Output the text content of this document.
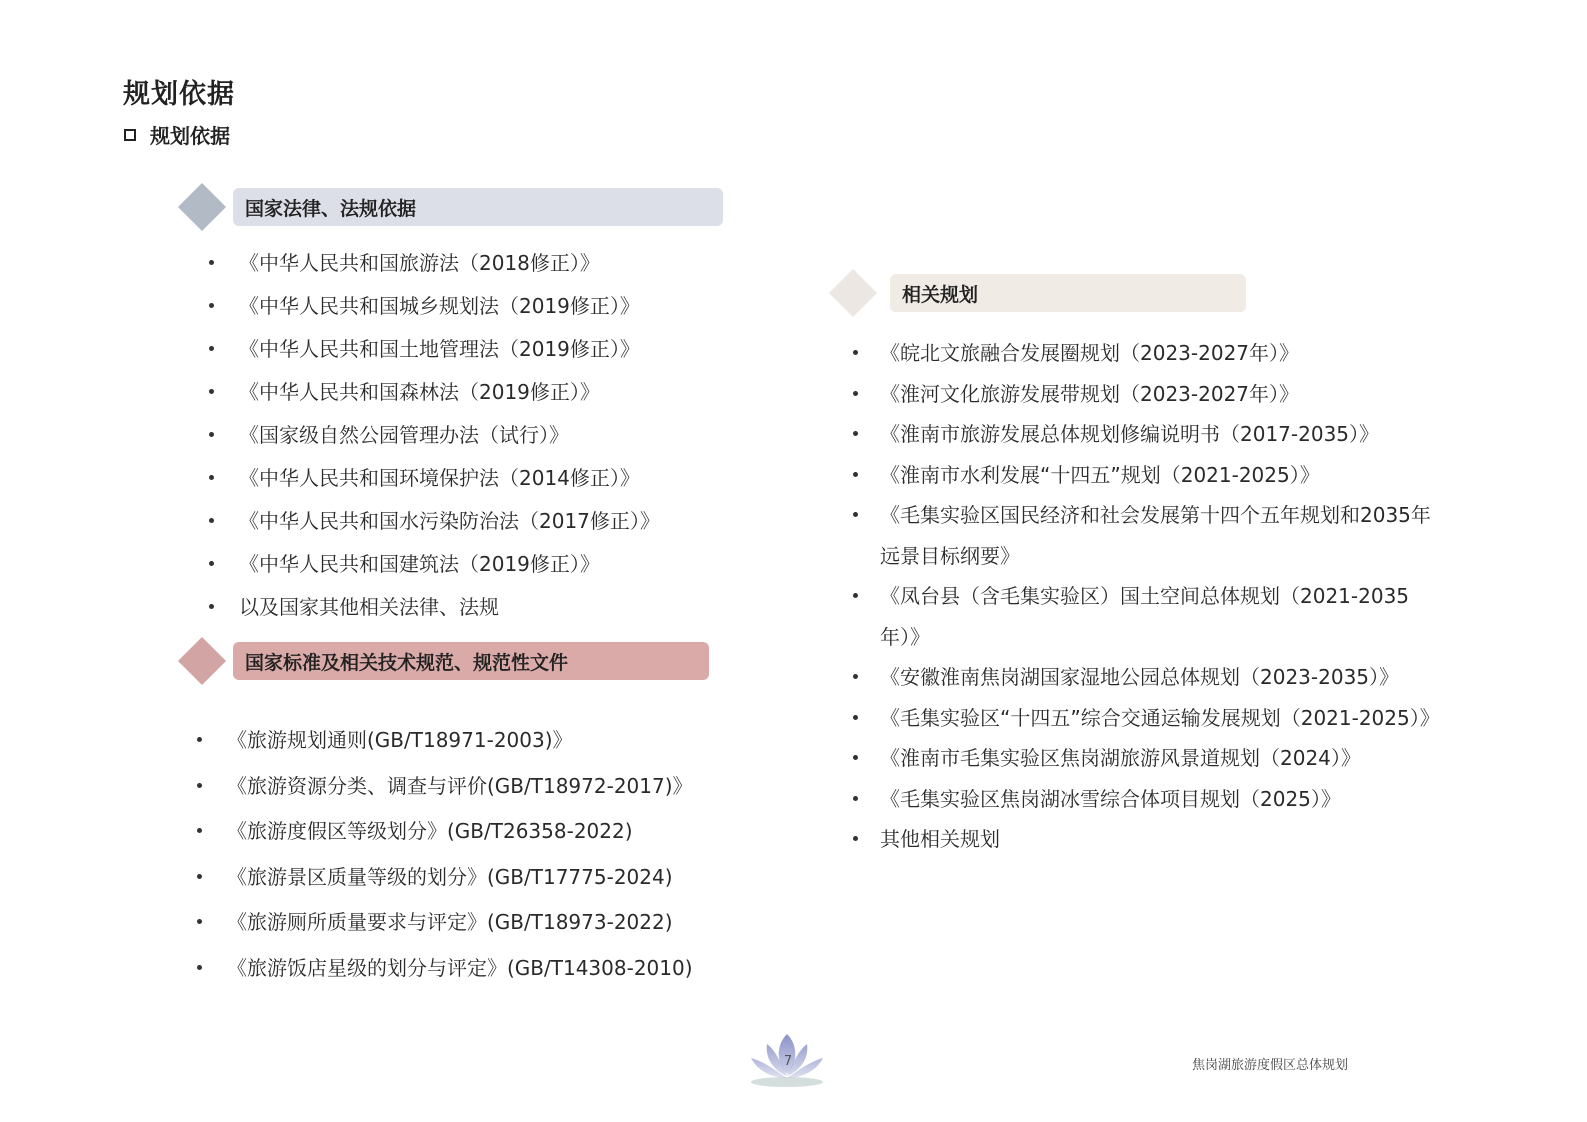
规划依据
规划依据
国家法律、法规依据
《中华人民共和国旅游法（2018修正）》
《中华人民共和国城乡规划法（2019修正）》
《中华人民共和国土地管理法（2019修正）》
《中华人民共和国森林法（2019修正）》
《国家级自然公园管理办法（试行）》
《中华人民共和国环境保护法（2014修正）》
《中华人民共和国水污染防治法（2017修正）》
《中华人民共和国建筑法（2019修正）》
以及国家其他相关法律、法规
国家标准及相关技术规范、规范性文件
《旅游规划通则(GB/T18971-2003)》
《旅游资源分类、调查与评价(GB/T18972-2017)》
《旅游度假区等级划分》(GB/T26358-2022)
《旅游景区质量等级的划分》(GB/T17775-2024)
《旅游厕所质量要求与评定》(GB/T18973-2022)
《旅游饭店星级的划分与评定》(GB/T14308-2010)
相关规划
《皖北文旅融合发展圈规划（2023-2027年）》
《淮河文化旅游发展带规划（2023-2027年）》
《淮南市旅游发展总体规划修编说明书（2017-2035）》
《淮南市水利发展“十四五”规划（2021-2025）》
《毛集实验区国民经济和社会发展第十四个五年规划和2035年远景目标纲要》
《凤台县（含毛集实验区）国土空间总体规划（2021-2035 年）》
《安徽淮南焦岗湖国家湿地公园总体规划（2023-2035）》
《毛集实验区“十四五”综合交通运输发展规划（2021-2025）》
《淮南市毛集实验区焦岗湖旅游风景道规划（2024）》
《毛集实验区焦岗湖冰雪综合体项目规划（2025）》
其他相关规划
7	焦岗湖旅游度假区总体规划
